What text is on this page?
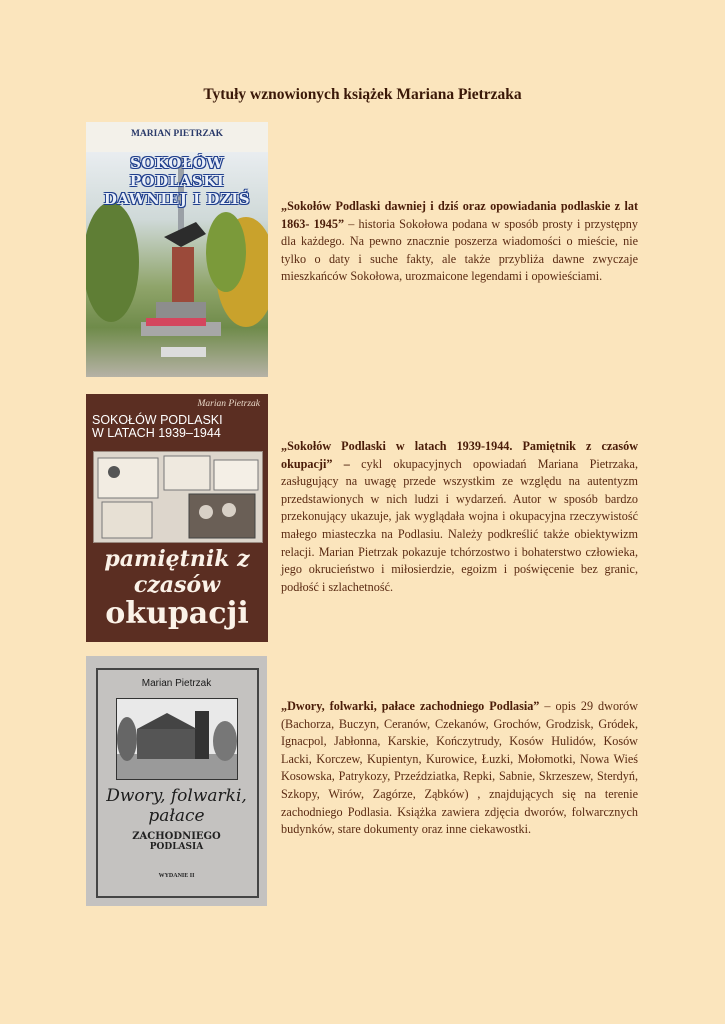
Tytuły wznowionych książek Mariana Pietrzaka
MARIAN PIETRZAK
SOKOŁÓW PODLASKI
DAWNIEJ I DZIŚ	„Sokołów Podlaski dawniej i dziś oraz opowiadania podlaskie z lat 1863- 1945” – historia Sokołowa podana w sposób prosty i przystępny dla każdego. Na pewno znacznie poszerza wiadomości o mieście, nie tylko o daty i suche fakty, ale także przybliża dawne zwyczaje mieszkańców Sokołowa, urozmaicone legendami i opowieściami.
Marian Pietrzak
SOKOŁÓW PODLASKI
W LATACH 1939–1944
pamiętnik z czasów
okupacji
„Sokołów Podlaski w latach 1939-1944. Pamiętnik z czasów okupacji” – cykl okupacyjnych opowiadań Mariana Pietrzaka, zasługujący na uwagę przede wszystkim ze względu na autentyzm przedstawionych w nich ludzi i wydarzeń. Autor w sposób bardzo przekonujący ukazuje, jak wyglądała wojna i okupacyjna rzeczywistość małego miasteczka na Podlasiu. Należy podkreślić także obiektywizm relacji. Marian Pietrzak pokazuje tchórzostwo i bohaterstwo człowieka, jego okrucieństwo i miłosierdzie, egoizm i poświęcenie bez granic, podłość i szlachetność.
Marian Pietrzak
Dwory, folwarki, pałace
ZACHODNIEGO
PODLASIA
WYDANIE II
„Dwory, folwarki, pałace zachodniego Podlasia” – opis 29 dworów (Bachorza, Buczyn, Ceranów, Czekanów, Grochów, Grodzisk, Gródek, Ignacpol, Jabłonna, Karskie, Kończytrudy, Kosów Hulidów, Kosów Lacki, Korczew, Kupientyn, Kurowice, Łuzki, Mołomotki, Nowa Wieś Kosowska, Patrykozy, Przeździatka, Repki, Sabnie, Skrzeszew, Sterdyń, Szkopy, Wirów, Zagórze, Ząbków) , znajdujących się na terenie zachodniego Podlasia. Książka zawiera zdjęcia dworów, folwarcznych budynków, stare dokumenty oraz inne ciekawostki.
